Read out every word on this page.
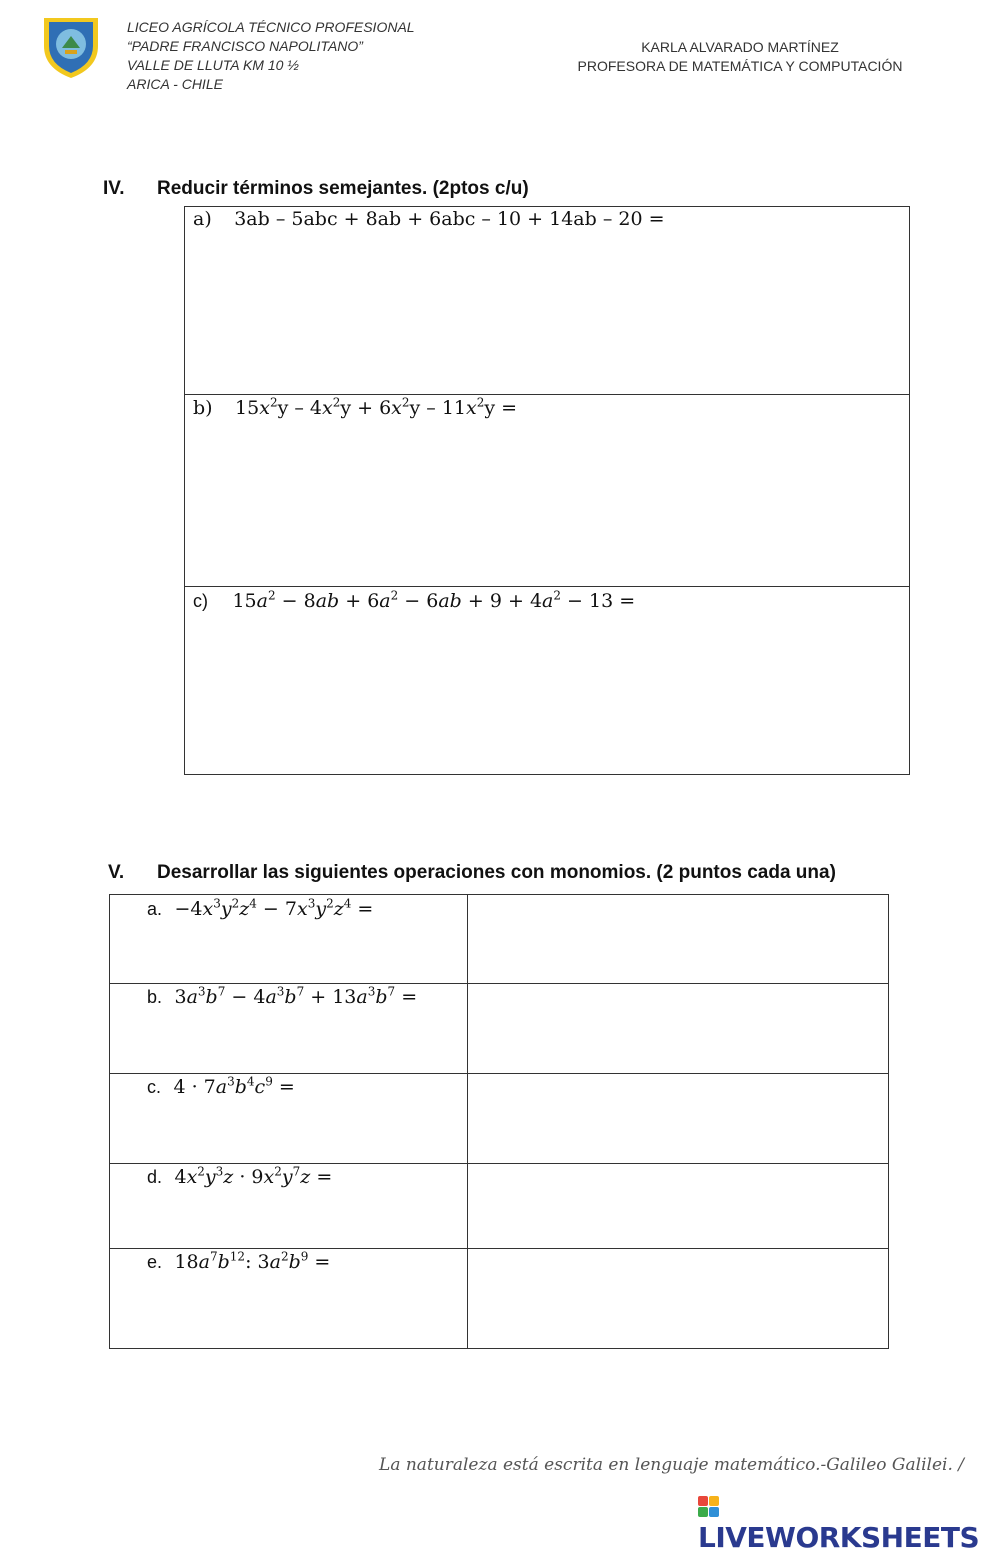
LICEO AGRÍCOLA TÉCNICO PROFESIONAL
“PADRE FRANCISCO NAPOLITANO”
VALLE DE LLUTA KM 10 ½
ARICA - CHILE
KARLA ALVARADO MARTÍNEZ
PROFESORA DE MATEMÁTICA Y COMPUTACIÓN
IV. Reducir términos semejantes. (2ptos c/u)
a) 3ab – 5abc + 8ab + 6abc – 10 + 14ab – 20 =
b) $15x^2y - 4x^2y + 6x^2y - 11x^2y$ =
c) $15a^2 - 8ab + 6a^2 - 6ab + 9 + 4a^2 - 13$ =
V. Desarrollar las siguientes operaciones con monomios. (2 puntos cada una)
a. $-4x^3y^2z^4 - 7x^3y^2z^4$ =
b. $3a^3b^7 - 4a^3b^7 + 13a^3b^7$ =
c. $4 \cdot 7a^3b^4c^9$ =
d. $4x^2y^3z \cdot 9x^2y^7z$ =
e. $18a^7b^{12}$: $3a^2b^9$ =
La naturaleza está escrita en lenguaje matemático.-Galileo Galilei. /
LIVEWORKSHEETS
